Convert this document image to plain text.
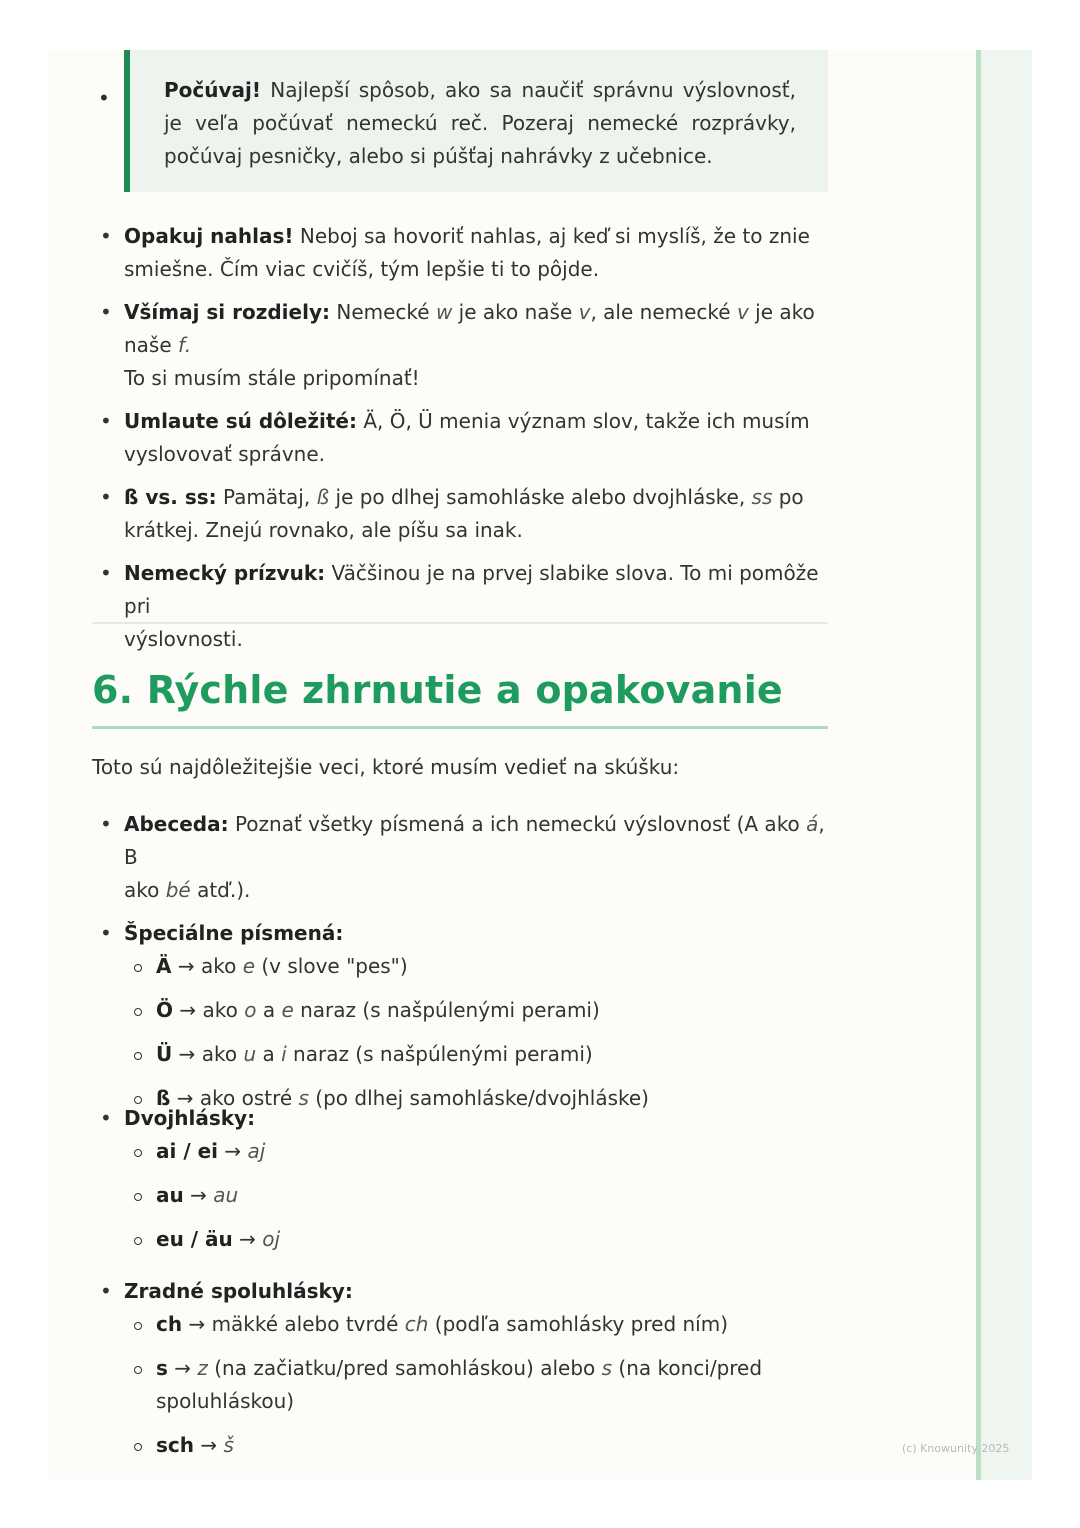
•	Počúvaj! Najlepší spôsob, ako sa naučiť správnu výslovnosť, je veľa počúvať nemeckú reč. Pozeraj nemecké rozprávky, počúvaj pesničky, alebo si púšťaj nahrávky z učebnice.

• Opakuj nahlas! Neboj sa hovoriť nahlas, aj keď si myslíš, že to znie
smiešne. Čím viac cvičíš, tým lepšie ti to pôjde.
• Všímaj si rozdiely: Nemecké w je ako naše v, ale nemecké v je ako naše f.
To si musím stále pripomínať!
• Umlaute sú dôležité: Ä, Ö, Ü menia význam slov, takže ich musím
vyslovovať správne.
• ß vs. ss: Pamätaj, ß je po dlhej samohláske alebo dvojhláske, ss po
krátkej. Znejú rovnako, ale píšu sa inak.
• Nemecký prízvuk: Väčšinou je na prvej slabike slova. To mi pomôže pri
výslovnosti.
6. Rýchle zhrnutie a opakovanie

Toto sú najdôležitejšie veci, ktoré musím vedieť na skúšku:

• Abeceda: Poznať všetky písmená a ich nemeckú výslovnosť (A ako á, B
ako bé atď.).
• Špeciálne písmená:
Ä → ako e (v slove "pes")
Ö → ako o a e naraz (s našpúlenými perami)
Ü → ako u a i naraz (s našpúlenými perami)
ß → ako ostré s (po dlhej samohláske/dvojhláske)
• Dvojhlásky:
ai / ei → aj
au → au
eu / äu → oj
• Zradné spoluhlásky:
ch → mäkké alebo tvrdé ch (podľa samohlásky pred ním)
s → z (na začiatku/pred samohláskou) alebo s (na konci/pred
spoluhláskou)
sch → š	(c) Knowunity 2025
